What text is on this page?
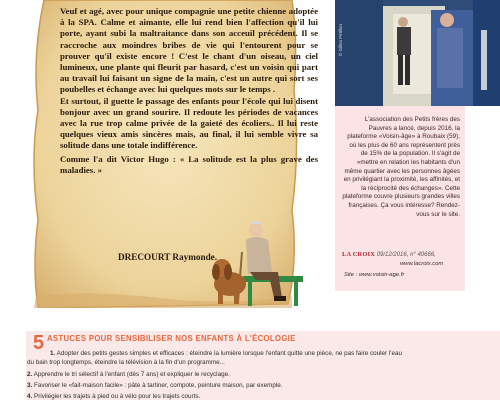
Veuf et agé, avec pour unique compagnie une petite chienne adoptée à la SPA. Calme et aimante, elle lui rend bien l'affection qu'il lui porte, ayant subi la maltraitance dans son acceuil précédent. Il se raccroche aux moindres bribes de vie qui l'entourent pour se prouver qu'il existe encore ! C'est le chant d'un oiseau, un ciel lumineux, une plante qui fleurit par hasard, c'est un voisin qui part au travail lui faisant un signe de la main, c'est un autre qui sort ses poubelles et échange avec lui quelques mots sur le temps .

Et surtout, il guette le passage des enfants pour l'école qui lui disent bonjour avec un grand sourire. Il redoute les périodes de vacances avec la rue trop calme privée de la gaieté des écoliers.. Il lui reste quelques vieux amis sincères mais, au final, il lui semble vivre sa solitude dans une totale indifférence.

Comme l'a dit Victor Hugo : « La solitude est la plus grave des maladies. »

DRECOURT Raymonde.
© Gilles Pétillon
L'association des Petits frères des Pauvres a lancé, depuis 2016, la plateforme «Voisin-âge» à Roubaix (59), où les plus de 60 ans représentent près de 15% de la population. Il s'agit de «mettre en relation les habitants d'un même quartier avec les personnes âgées en privilégiant la proximité, les affinités, et la réciprocité des échanges». Cette plateforme couvre plusieurs grandes villes françaises. Ça vous intéresse? Rendez-vous sur le site.
LA CROIX 09/12/2016, n° 40666,
www.lacroix.com
Site : www.voisin-age.fr
5 ASTUCES POUR SENSIBILISER NOS ENFANTS À L'ÉCOLOGIE
1. Adopter des petits gestes simples et efficaces : éteindre la lumière lorsque l'enfant quitte une pièce, ne pas faire couler l'eau
du bain trop longtemps, éteindre la télévision à la fin d'un programme...
2. Apprendre le tri sélectif à l'enfant (dès 7 ans) et expliquer le recyclage.
3. Favoriser le «fait-maison facile» : pâte à tartiner, compote, peinture maison, par exemple.
4. Privilégier les trajets à pied ou à vélo pour les trajets courts.
